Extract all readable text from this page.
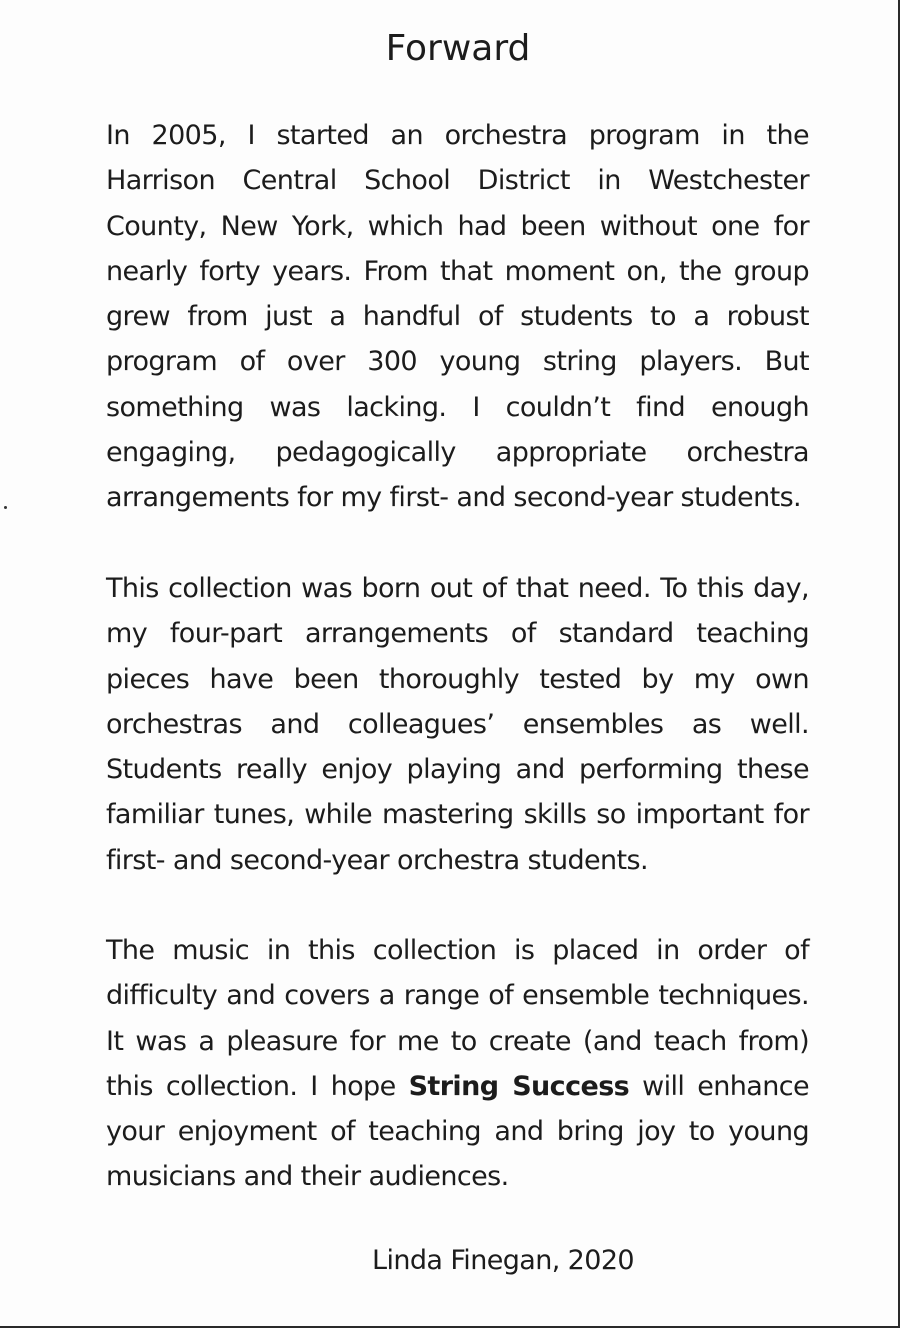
Forward

In 2005, I started an orchestra program in the Harrison Central School District in Westchester County, New York, which had been without one for nearly forty years. From that moment on, the group grew from just a handful of students to a robust program of over 300 young string players. But something was lacking. I couldn’t find enough engaging, pedagogically appropriate orchestra arrangements for my first- and second-year students.

This collection was born out of that need. To this day, my four-part arrangements of standard teaching pieces have been thoroughly tested by my own orchestras and colleagues’ ensembles as well. Students really enjoy playing and performing these familiar tunes, while mastering skills so important for first- and second-year orchestra students.

The music in this collection is placed in order of difficulty and covers a range of ensemble techniques. It was a pleasure for me to create (and teach from) this collection. I hope String Success will enhance your enjoyment of teaching and bring joy to young musicians and their audiences.

Linda Finegan, 2020
